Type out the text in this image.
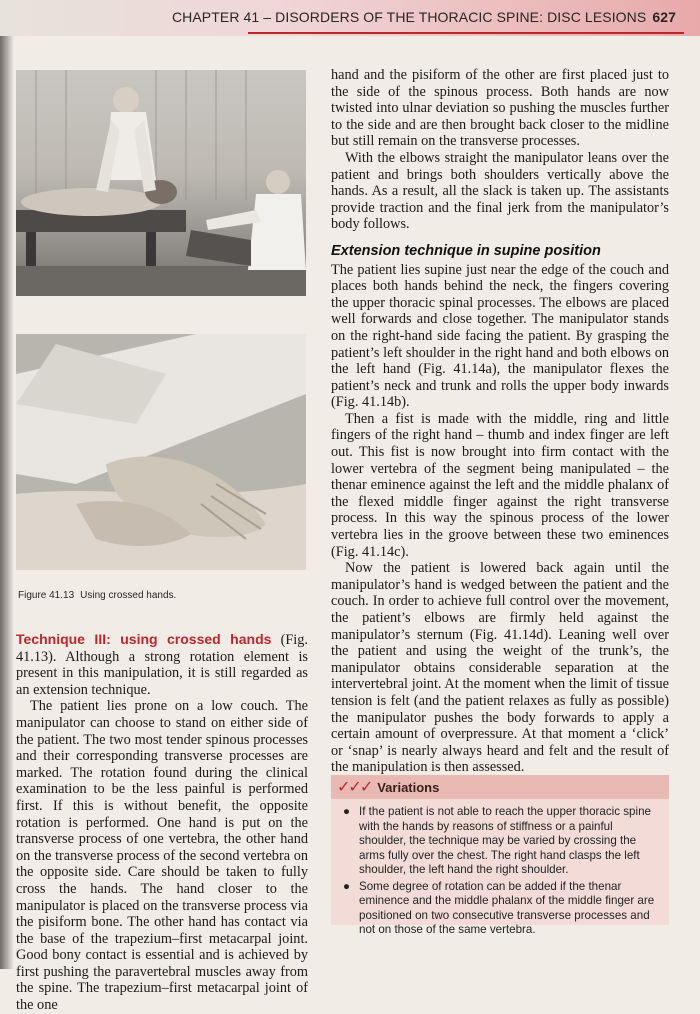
CHAPTER 41 – DISORDERS OF THE THORACIC SPINE: DISC LESIONS 627
Figure 41.13 Using crossed hands.

hand and the pisiform of the other are first placed just to the side of the spinous process. Both hands are now twisted into ulnar deviation so pushing the muscles further to the side and are then brought back closer to the midline but still remain on the transverse processes.

With the elbows straight the manipulator leans over the patient and brings both shoulders vertically above the hands. As a result, all the slack is taken up. The assistants provide traction and the final jerk from the manipulator’s body follows.

Extension technique in supine position

The patient lies supine just near the edge of the couch and places both hands behind the neck, the fingers covering the upper thoracic spinal processes. The elbows are placed well forwards and close together. The manipulator stands on the right-hand side facing the patient. By grasping the patient’s left shoulder in the right hand and both elbows on the left hand (Fig. 41.14a), the manipulator flexes the patient’s neck and trunk and rolls the upper body inwards (Fig. 41.14b).

Then a fist is made with the middle, ring and little fingers of the right hand – thumb and index finger are left out. This fist is now brought into firm contact with the lower vertebra of the segment being manipulated – the thenar eminence against the left and the middle phalanx of the flexed middle finger against the right transverse process. In this way the spinous process of the lower vertebra lies in the groove between these two eminences (Fig. 41.14c).

Now the patient is lowered back again until the manipulator’s hand is wedged between the patient and the couch. In order to achieve full control over the movement, the patient’s elbows are firmly held against the manipulator’s sternum (Fig. 41.14d). Leaning well over the patient and using the weight of the trunk’s, the manipulator obtains considerable separation at the intervertebral joint. At the moment when the limit of tissue tension is felt (and the patient relaxes as fully as possible) the manipulator pushes the body forwards to apply a certain amount of overpressure. At that moment a ‘click’ or ‘snap’ is nearly always heard and felt and the result of the manipulation is then assessed.

Technique III: using crossed hands (Fig. 41.13). Although a strong rotation element is present in this manipulation, it is still regarded as an extension technique.

The patient lies prone on a low couch. The manipulator can choose to stand on either side of the patient. The two most tender spinous processes and their corresponding transverse processes are marked. The rotation found during the clinical examination to be the less painful is performed first. If this is without benefit, the opposite rotation is performed. One hand is put on the transverse process of one vertebra, the other hand on the transverse process of the second vertebra on the opposite side. Care should be taken to fully cross the hands. The hand closer to the manipulator is placed on the transverse process via the pisiform bone. The other hand has contact via the base of the trapezium–first metacarpal joint. Good bony contact is essential and is achieved by first pushing the paravertebral muscles away from the spine. The trapezium–first metacarpal joint of the one

✓✓✓ Variations
● If the patient is not able to reach the upper thoracic spine with the hands by reasons of stiffness or a painful shoulder, the technique may be varied by crossing the arms fully over the chest. The right hand clasps the left shoulder, the left hand the right shoulder.
● Some degree of rotation can be added if the thenar eminence and the middle phalanx of the middle finger are positioned on two consecutive transverse processes and not on those of the same vertebra.
